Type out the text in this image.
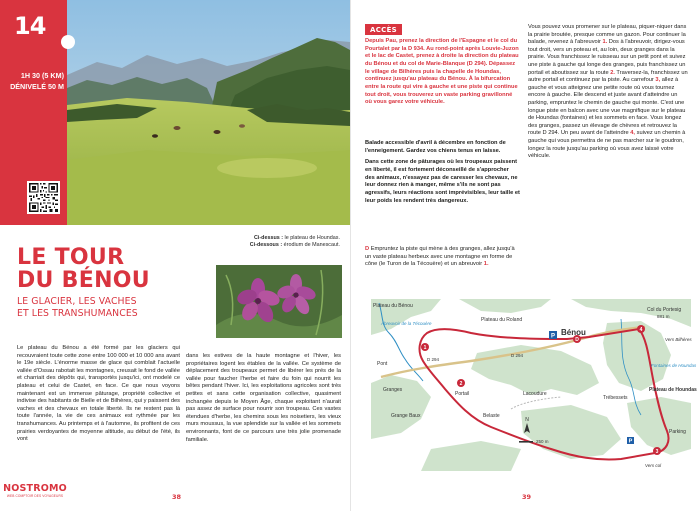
14
1H 30 (5 KM)
DÉNIVELÉ 50 M
Ci-dessus : le plateau de Houndas.
Ci-dessous : érodium de Manescaut.
LE TOUR
DU BÉNOU
LE GLACIER, LES VACHES
ET LES TRANSHUMANCES
Le plateau du Bénou a été formé par les glaciers qui recouvraient toute cette zone entre 100 000 et 10 000 ans avant le 19e siècle. L'énorme masse de glace qui comblait l'actuelle vallée d'Ossau rabotait les montagnes, creusait le fond de vallée et charriait des dépôts qui, transportés jusqu'ici, ont modelé ce plateau et celui de Castet, en face. Ce que nous voyons maintenant est un immense pâturage, propriété collective et indivise des habitants de Bielle et de Bilhères, qui y paissent des vaches et des chevaux en totale liberté. Ils ne restent pas là toute l'année, la vie de ces animaux est rythmée par les transhumances. Au printemps et à l'automne, ils profitent de ces prairies verdoyantes de moyenne altitude, au début de l'été, ils vont
dans les estives de la haute montagne et l'hiver, les propriétaires logent les étables de la vallée. Ce système de déplacement des troupeaux permet de libérer les prés de la vallée pour faucher l'herbe et faire du foin qui nourrit les bêtes pendant l'hiver. Ici, les exploitations agricoles sont très petites et sans cette organisation collective, quasiment inchangée depuis le Moyen Âge, chaque exploitant n'aurait pas assez de surface pour nourrir son troupeau. Ces vastes étendues d'herbe, les chemins sous les noisetiers, les vieux murs moussus, la vue splendide sur la vallée et les sommets environnants, font de ce parcours une très jolie promenade familiale.
NOSTROMO
WEB COMPTOIR DES VOYAGEURS	38
ACCÈS
Depuis Pau, prenez la direction de l'Espagne et le col du Pourtalet par la D 934. Au rond-point après Louvie-Juzon et le lac de Castet, prenez à droite la direction du plateau du Bénou et du col de Marie-Blanque (D 294). Dépassez le village de Bilhères puis la chapelle de Houndas, continuez jusqu'au plateau du Bénou. À la bifurcation entre la route qui vire à gauche et une piste qui continue tout droit, vous trouverez un vaste parking gravillonné où vous garez votre véhicule.

Balade accessible d'avril à décembre en fonction de l'enneigement. Gardez vos chiens tenus en laisse.

Dans cette zone de pâturages où les troupeaux paissent en liberté, il est fortement déconseillé de s'approcher des animaux, n'essayez pas de caresser les chevaux, ne leur donnez rien à manger, même s'ils ne sont pas agressifs, leurs réactions sont imprévisibles, leur taille et leur poids les rendent très dangereux.

D Empruntez la piste qui mène à des granges, allez jusqu'à un vaste plateau herbeux avec une montagne en forme de cône (le Turon de la Técouère) et un abreuvoir 1.
Vous pouvez vous promener sur le plateau, piquer-niquer dans la prairie broutée, presque comme un gazon. Pour continuer la balade, revenez à l'abreuvoir 1. Dos à l'abreuvoir, dirigez-vous tout droit, vers un poteau et, au loin, deux granges dans la prairie. Vous franchissez le ruisseau sur un petit pont et suivez une piste à gauche qui longe des granges, puis franchissez un portail et aboutissez sur la route 2. Traversez-la, franchissez un autre portail et continuez par la piste. Au carrefour 3, allez à gauche et vous atteignez une petite route où vous tournez encore à gauche. Elle descend et juste avant d'atteindre un parking, empruntez le chemin de gauche qui monte. C'est une longue piste en balcon avec une vue magnifique sur le plateau de Houndas (fontaines) et les sommets en face. Vous longez des granges, passez un élevage de chèvres et retrouvez la route D 294. Un peu avant de l'atteindre 4, suivez un chemin à gauche qui vous permettra de ne pas marcher sur le goudron, longez la route jusqu'au parking où vous avez laissé votre véhicule.
1
2
3
4
D
P
P
Plateau du Bénou
Plateau du Roland
Bénou
Col du Portesig
881 m
Vers Bilhères
Fontaines de Houndas
Abreuvoir de la Técouère
Pont
Granges
Portail	Lacoudure
Trébessets
Grange Baux	Belaste
Plateau de Houndas
D 294
D 294
Parking
Vers col
N
250 m
39
